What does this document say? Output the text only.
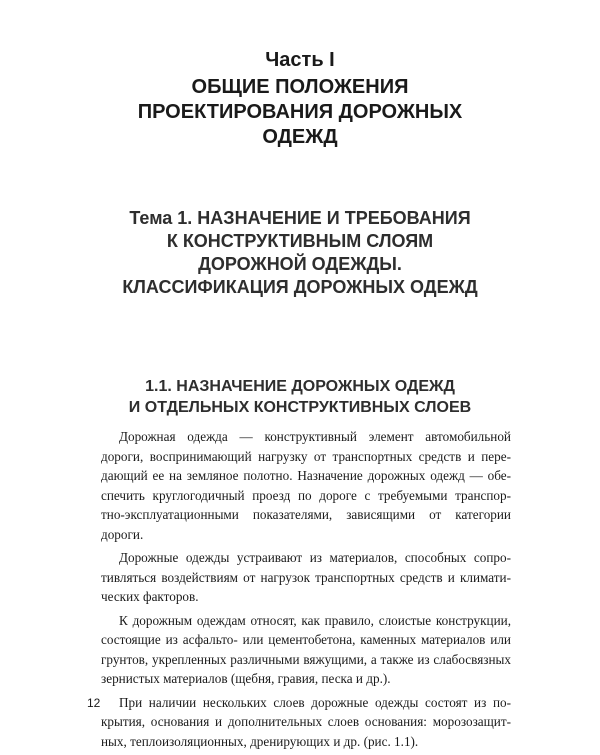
Часть I
ОБЩИЕ ПОЛОЖЕНИЯ
ПРОЕКТИРОВАНИЯ ДОРОЖНЫХ
ОДЕЖД
Тема 1. НАЗНАЧЕНИЕ И ТРЕБОВАНИЯ
К КОНСТРУКТИВНЫМ СЛОЯМ
ДОРОЖНОЙ ОДЕЖДЫ.
КЛАССИФИКАЦИЯ ДОРОЖНЫХ ОДЕЖД
1.1. НАЗНАЧЕНИЕ ДОРОЖНЫХ ОДЕЖД
И ОТДЕЛЬНЫХ КОНСТРУКТИВНЫХ СЛОЕВ
Дорожная одежда — конструктивный элемент автомобильной
дороги, воспринимающий нагрузку от транспортных средств и пере-
дающий ее на земляное полотно. Назначение дорожных одежд — обе-
спечить круглогодичный проезд по дороге с требуемыми транспор-
тно-эксплуатационными показателями, зависящими от категории
дороги.
Дорожные одежды устраивают из материалов, способных сопро-
тивляться воздействиям от нагрузок транспортных средств и климати-
ческих факторов.
К дорожным одеждам относят, как правило, слоистые конструкции,
состоящие из асфальто- или цементобетона, каменных материалов или
грунтов, укрепленных различными вяжущими, а также из слабосвязных
зернистых материалов (щебня, гравия, песка и др.).
При наличии нескольких слоев дорожные одежды состоят из по-
крытия, основания и дополнительных слоев основания: морозозащит-
ных, теплоизоляционных, дренирующих и др. (рис. 1.1).
12
